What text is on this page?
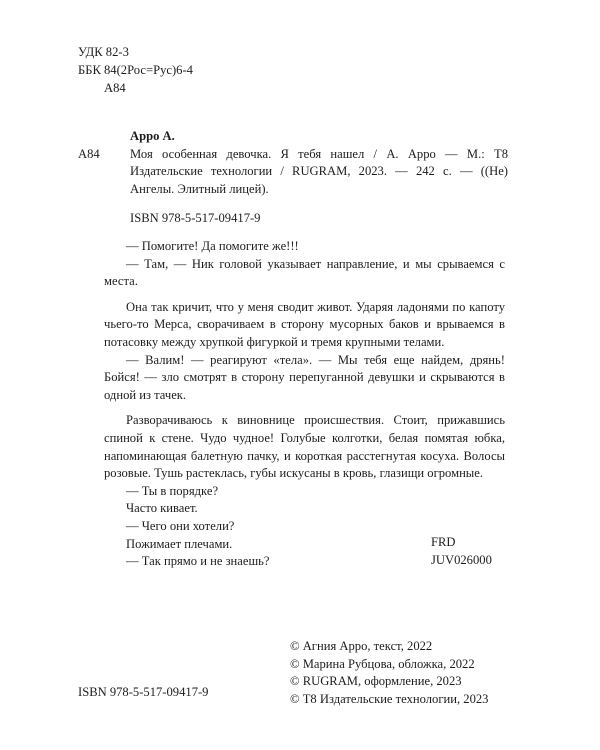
УДК 82-3
ББК 84(2Рос=Рус)6-4
А84
Арро А.
А84 Моя особенная девочка. Я тебя нашел / А. Арро — М.: Т8 Издательские технологии / RUGRAM, 2023. — 242 с. — ((Не) Ангелы. Элитный лицей).
ISBN 978-5-517-09417-9

— Помогите! Да помогите же!!!

— Там, — Ник головой указывает направление, и мы срываемся с места.

Она так кричит, что у меня сводит живот. Ударяя ладонями по капоту чьего-то Мерса, сворачиваем в сторону мусорных баков и врываемся в потасовку между хрупкой фигуркой и тремя крупными телами.

— Валим! — реагируют «тела». — Мы тебя еще найдем, дрянь! Бойся! — зло смотрят в сторону перепуганной девушки и скрываются в одной из тачек.

Разворачиваюсь к виновнице происшествия. Стоит, прижавшись спиной к стене. Чудо чудное! Голубые колготки, белая помятая юбка, напоминающая балетную пачку, и короткая расстегнутая косуха. Волосы розовые. Тушь растеклась, губы искусаны в кровь, глазищи огромные.

— Ты в порядке?

Часто кивает.

— Чего они хотели?

Пожимает плечами.

— Так прямо и не знаешь?

FRD
JUV026000
© Агния Арро, текст, 2022
© Марина Рубцова, обложка, 2022
© RUGRAM, оформление, 2023
© Т8 Издательские технологии, 2023
ISBN 978-5-517-09417-9
